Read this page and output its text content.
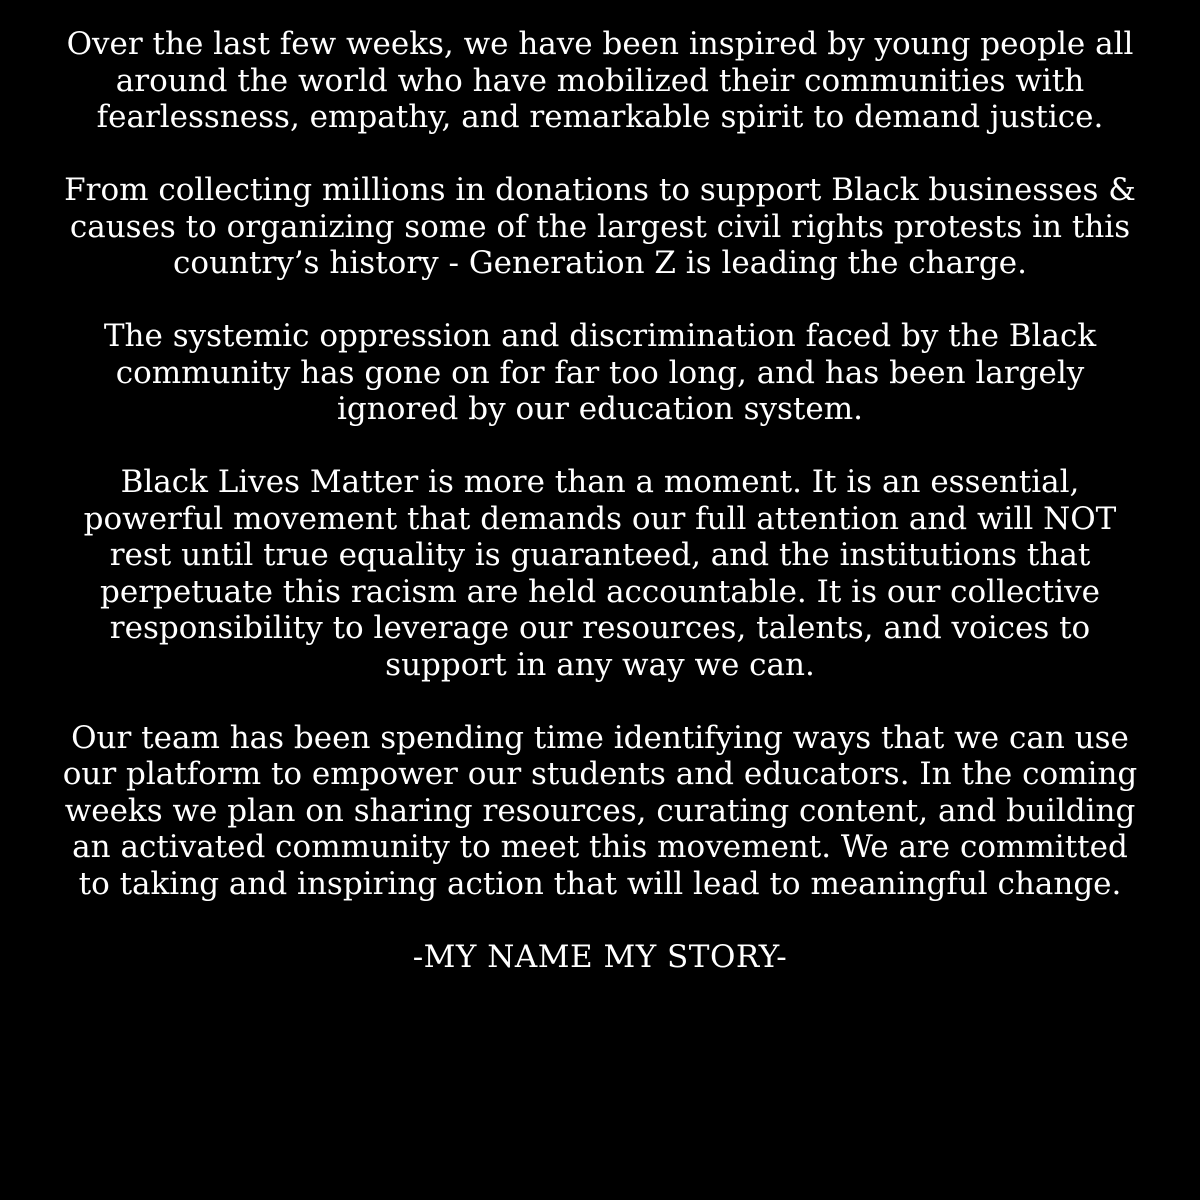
Over the last few weeks, we have been inspired by young people all
around the world who have mobilized their communities with
fearlessness, empathy, and remarkable spirit to demand justice.

From collecting millions in donations to support Black businesses &
causes to organizing some of the largest civil rights protests in this
country’s history - Generation Z is leading the charge.

The systemic oppression and discrimination faced by the Black
community has gone on for far too long, and has been largely
ignored by our education system.

Black Lives Matter is more than a moment. It is an essential,
powerful movement that demands our full attention and will NOT
rest until true equality is guaranteed, and the institutions that
perpetuate this racism are held accountable. It is our collective
responsibility to leverage our resources, talents, and voices to
support in any way we can.

Our team has been spending time identifying ways that we can use
our platform to empower our students and educators. In the coming
weeks we plan on sharing resources, curating content, and building
an activated community to meet this movement. We are committed
to taking and inspiring action that will lead to meaningful change.

-MY NAME MY STORY-
